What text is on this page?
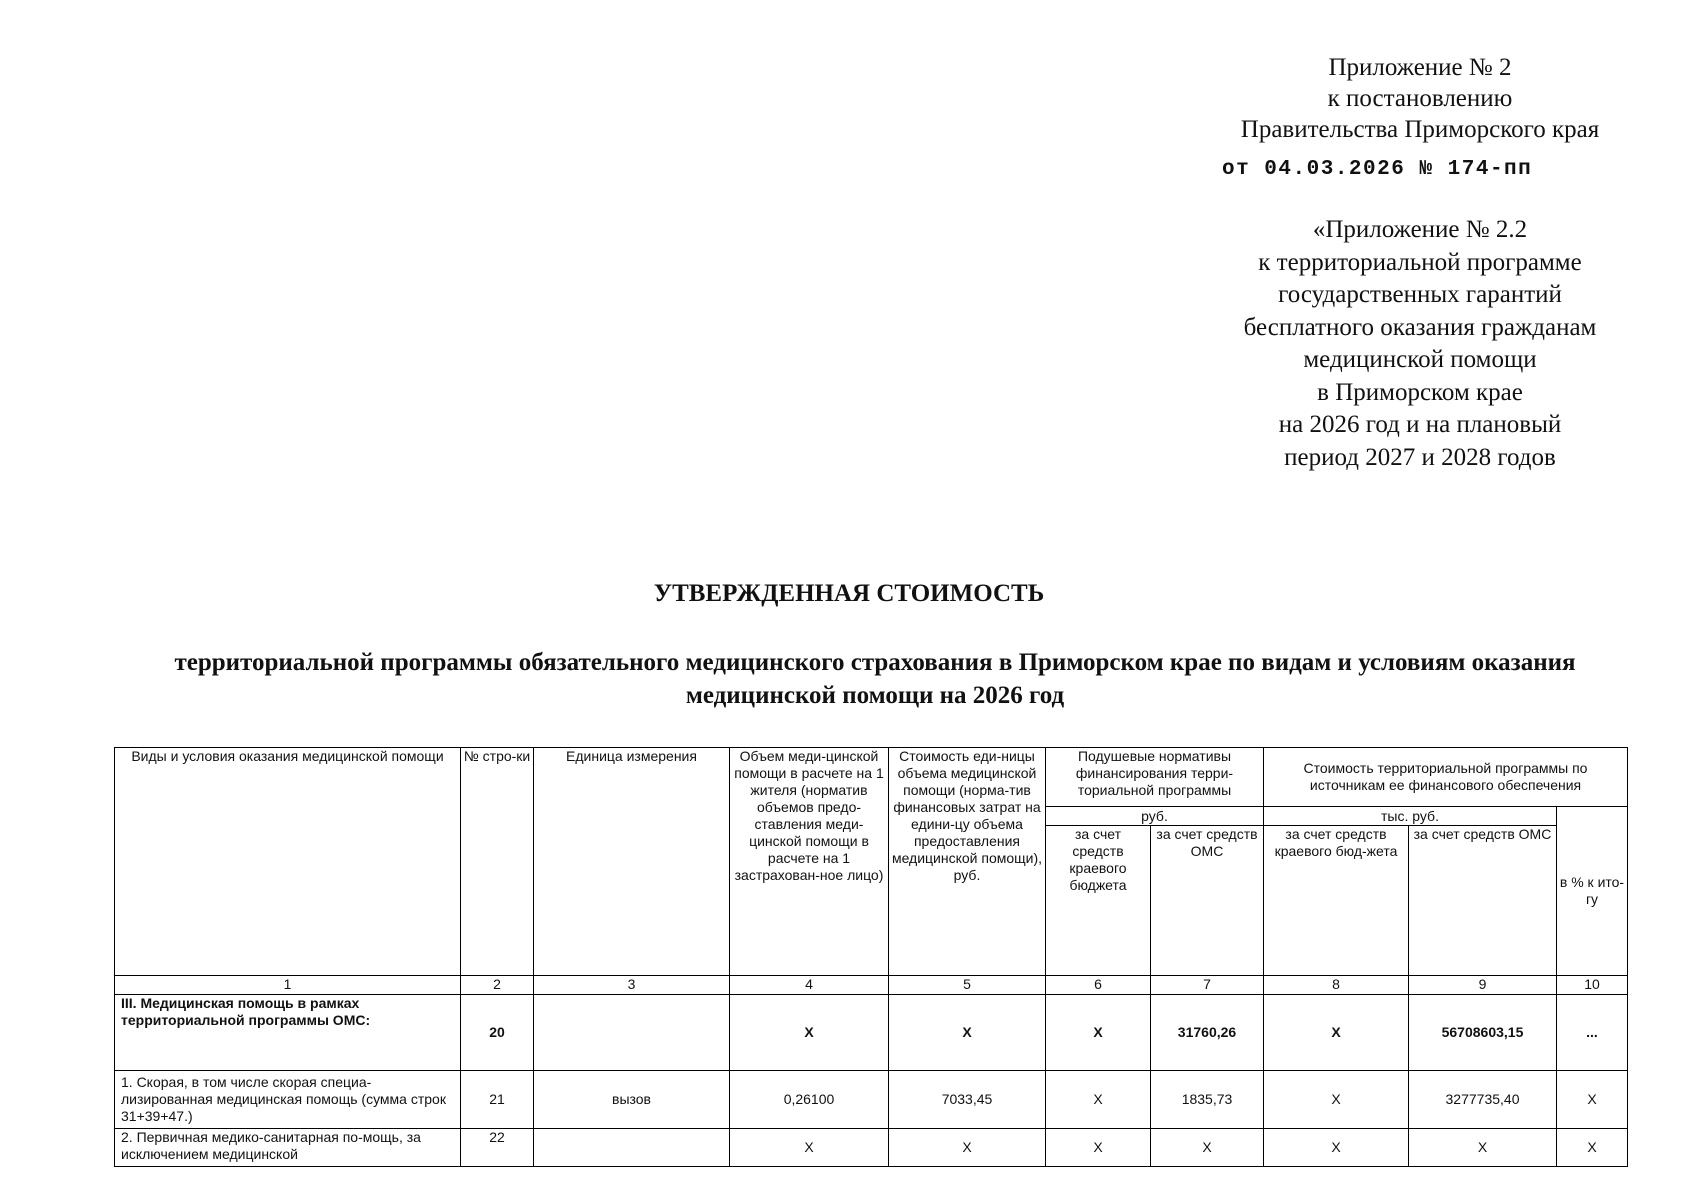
Приложение № 2
к постановлению
Правительства Приморского края
от 04.03.2026 № 174-пп
«Приложение № 2.2
к территориальной программе
государственных гарантий
бесплатного оказания гражданам
медицинской помощи
в Приморском крае
на 2026 год и на плановый
период 2027 и 2028 годов
УТВЕРЖДЕННАЯ СТОИМОСТЬ
территориальной программы обязательного медицинского страхования в Приморском крае по видам и условиям оказания медицинской помощи на 2026 год
Виды и условия оказания медицинской помощи	№ стро-ки	Единица измерения	Объем меди-цинской помощи в расчете на 1 жителя (норматив объемов предо-ставления меди-цинской помощи в расчете на 1 застрахован-ное лицо)	Стоимость еди-ницы объема медицинской помощи (норма-тив финансовых затрат на едини-цу объема предоставления медицинской помощи), руб.	Подушевые нормативы финансирования терри-ториальной программы		Стоимость территориальной программы по источникам ее финансового обеспечения		
					руб.		тыс. руб.		в % к ито-гу
					за счет средств краевого бюджета	за счет средств ОМС	за счет средств краевого бюд-жета	за счет средств ОМС	
1	2	3	4	5	6	7	8	9	10
III. Медицинская помощь в рамках территориальной программы ОМС:	20		Х	Х	Х	31760,26	Х	56708603,15	...
1. Скорая, в том числе скорая специа-лизированная медицинская помощь (сумма строк 31+39+47.)	21	вызов	0,26100	7033,45	Х	1835,73	Х	3277735,40	Х
2. Первичная медико-санитарная по-мощь, за исключением медицинской	22		Х	Х	Х	Х	Х	Х	Х
